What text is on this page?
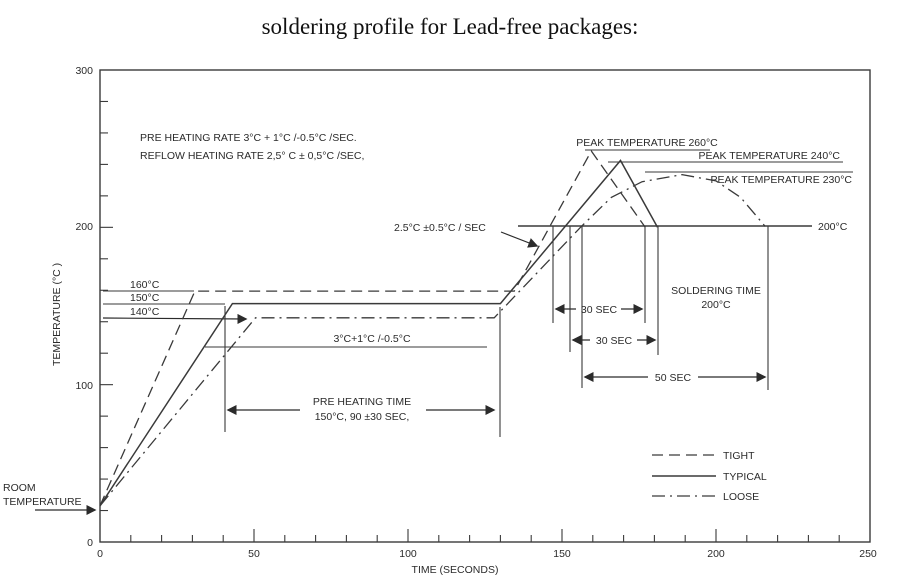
soldering profile for Lead-free packages:
0	50	100	150	200	250
0
100
200
300
TIME (SECONDS)
TEMPERATURE (°C )
PRE HEATING RATE 3°C + 1°C /-0.5°C /SEC.
REFLOW HEATING RATE 2,5° C ± 0,5°C /SEC,
PEAK TEMPERATURE 260°C
PEAK TEMPERATURE 240°C
PEAK TEMPERATURE 230°C
200°C
160°C
150°C
140°C
3°C+1°C /-0.5°C
2.5°C ±0.5°C / SEC
PRE HEATING TIME
150°C, 90 ±30 SEC,
SOLDERING TIME
200°C
30 SEC
30 SEC
50 SEC
ROOM
TEMPERATURE
TIGHT
TYPICAL
LOOSE
